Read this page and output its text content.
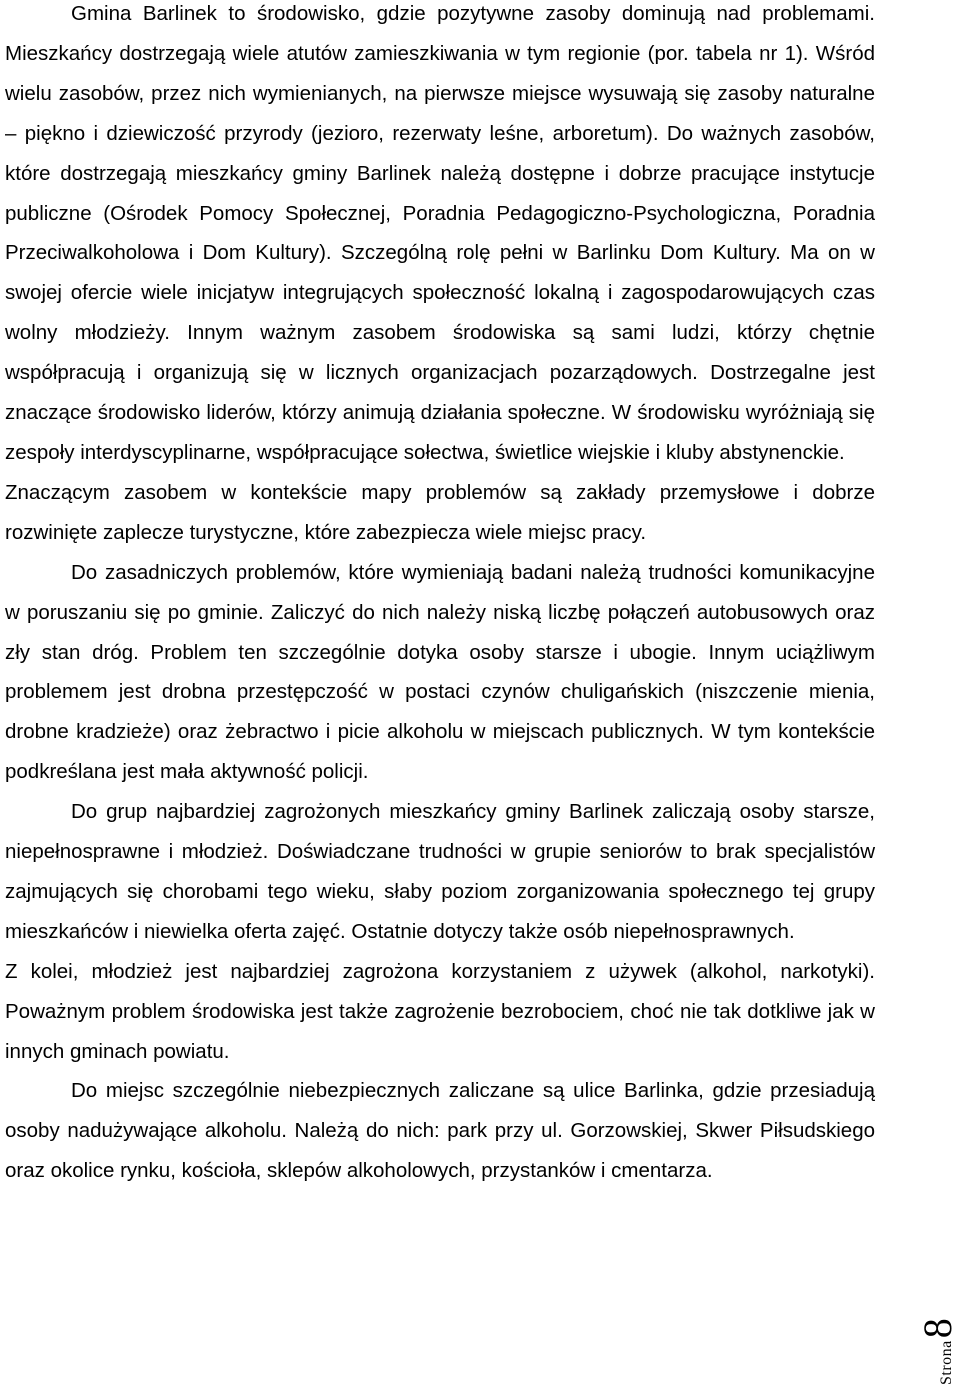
Gmina Barlinek to środowisko, gdzie pozytywne zasoby dominują nad problemami. Mieszkańcy dostrzegają wiele atutów zamieszkiwania w tym regionie (por. tabela nr 1). Wśród wielu zasobów, przez nich wymienianych, na pierwsze miejsce wysuwają się zasoby naturalne – piękno i dziewiczość przyrody (jezioro, rezerwaty leśne, arboretum). Do ważnych zasobów, które dostrzegają mieszkańcy gminy Barlinek należą dostępne i dobrze pracujące instytucje publiczne (Ośrodek Pomocy Społecznej, Poradnia Pedagogiczno-Psychologiczna, Poradnia Przeciwalkoholowa i Dom Kultury). Szczególną rolę pełni w Barlinku Dom Kultury. Ma on w swojej ofercie wiele inicjatyw integrujących społeczność lokalną i zagospodarowujących czas wolny młodzieży. Innym ważnym zasobem środowiska są sami ludzi, którzy chętnie współpracują i organizują się w licznych organizacjach pozarządowych. Dostrzegalne jest znaczące środowisko liderów, którzy animują działania społeczne. W środowisku wyróżniają się zespoły interdyscyplinarne, współpracujące sołectwa, świetlice wiejskie i kluby abstynenckie.

Znaczącym zasobem w kontekście mapy problemów są zakłady przemysłowe i dobrze rozwinięte zaplecze turystyczne, które zabezpiecza wiele miejsc pracy.

Do zasadniczych problemów, które wymieniają badani należą trudności komunikacyjne w poruszaniu się po gminie. Zaliczyć do nich należy niską liczbę połączeń autobusowych oraz zły stan dróg. Problem ten szczególnie dotyka osoby starsze i ubogie. Innym uciążliwym problemem jest drobna przestępczość w postaci czynów chuligańskich (niszczenie mienia, drobne kradzieże) oraz żebractwo i picie alkoholu w miejscach publicznych. W tym kontekście podkreślana jest mała aktywność policji.

Do grup najbardziej zagrożonych mieszkańcy gminy Barlinek zaliczają osoby starsze, niepełnosprawne i młodzież. Doświadczane trudności w grupie seniorów to brak specjalistów zajmujących się chorobami tego wieku, słaby poziom zorganizowania społecznego tej grupy mieszkańców i niewielka oferta zajęć. Ostatnie dotyczy także osób niepełnosprawnych.

Z kolei, młodzież jest najbardziej zagrożona korzystaniem z używek (alkohol, narkotyki). Poważnym problem środowiska jest także zagrożenie bezrobociem, choć nie tak dotkliwe jak w innych gminach powiatu.

Do miejsc szczególnie niebezpiecznych zaliczane są ulice Barlinka, gdzie przesiadują osoby nadużywające alkoholu. Należą do nich: park przy ul. Gorzowskiej, Skwer Piłsudskiego oraz okolice rynku, kościoła, sklepów alkoholowych, przystanków i cmentarza.

Strona
8
